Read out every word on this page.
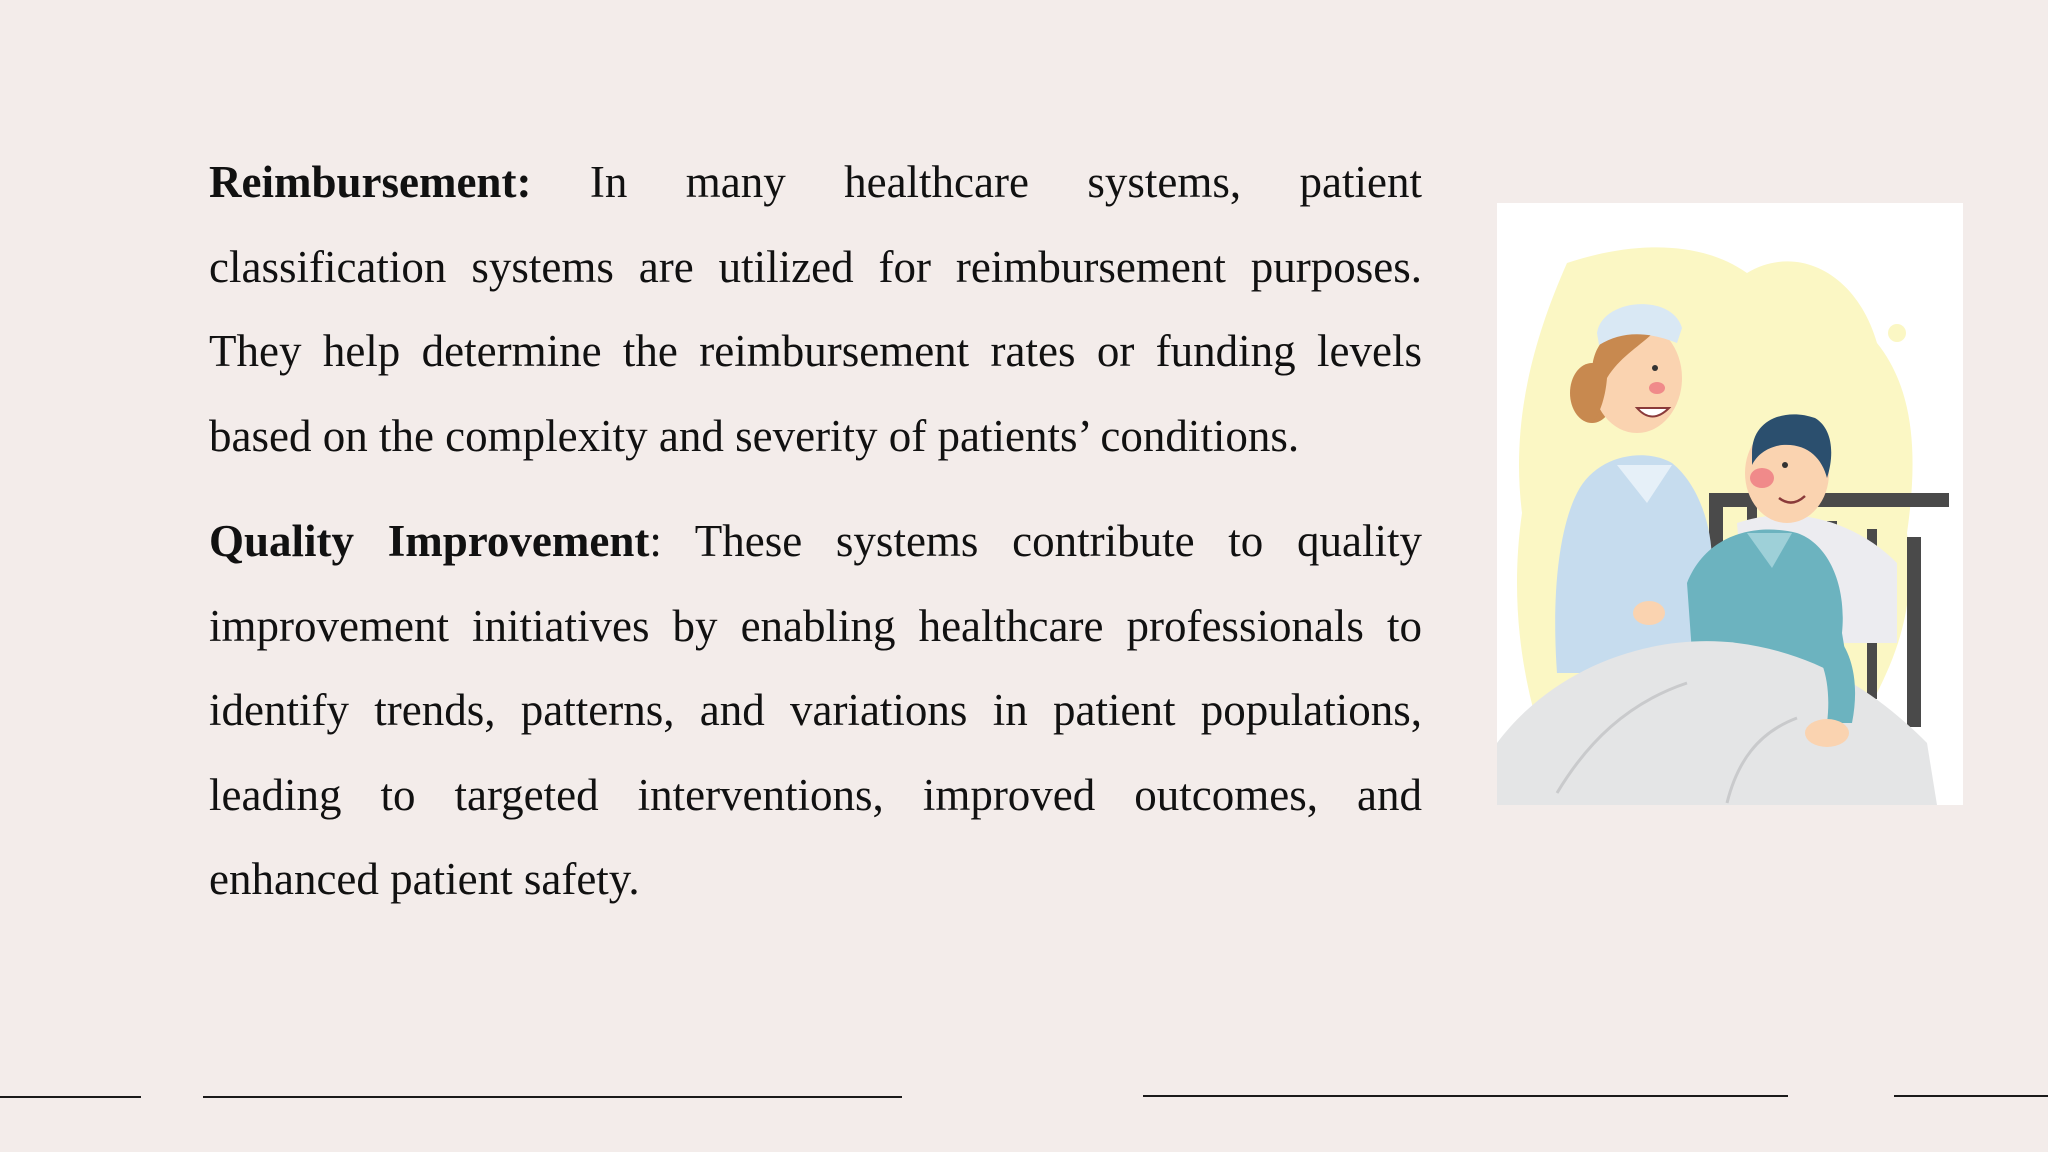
Reimbursement: In many healthcare systems, patient classification systems are utilized for reimbursement purposes. They help determine the reimbursement rates or funding levels based on the complexity and severity of patients’ conditions.

Quality Improvement: These systems contribute to quality improvement initiatives by enabling healthcare professionals to identify trends, patterns, and variations in patient populations, leading to targeted interventions, improved outcomes, and enhanced patient safety.
